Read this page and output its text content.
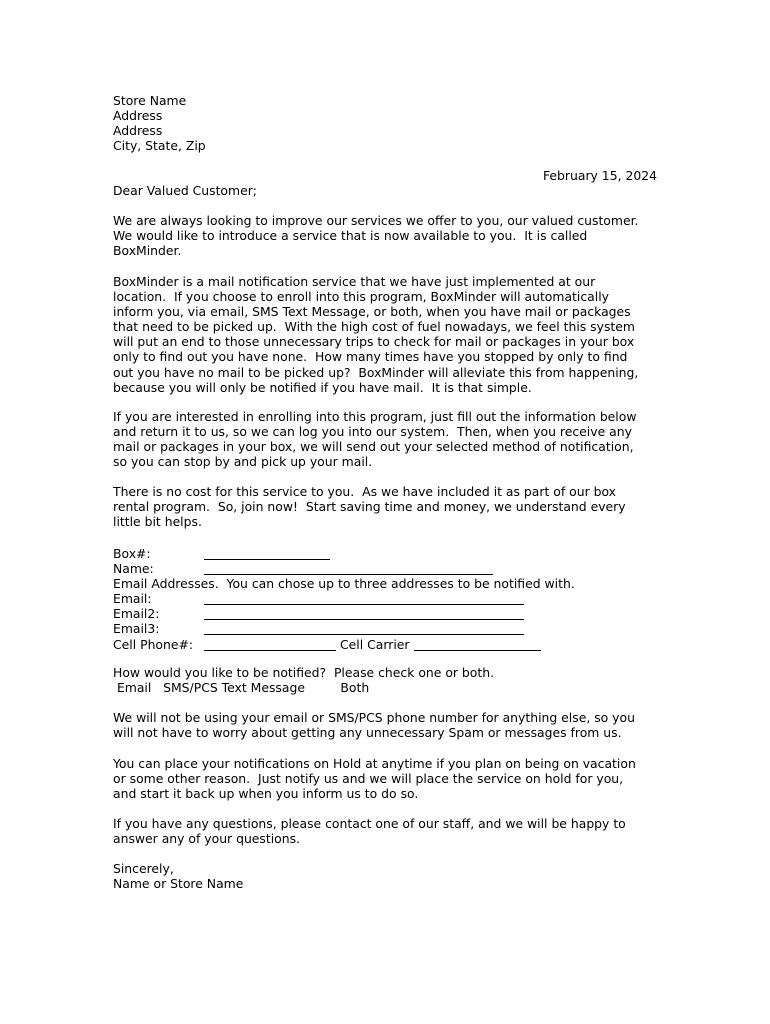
Store Name
Address
Address
City, State, Zip
February 15, 2024
Dear Valued Customer;
We are always looking to improve our services we offer to you, our valued customer.
We would like to introduce a service that is now available to you.  It is called
BoxMinder.
BoxMinder is a mail notification service that we have just implemented at our
location.  If you choose to enroll into this program, BoxMinder will automatically
inform you, via email, SMS Text Message, or both, when you have mail or packages
that need to be picked up.  With the high cost of fuel nowadays, we feel this system
will put an end to those unnecessary trips to check for mail or packages in your box
only to find out you have none.  How many times have you stopped by only to find
out you have no mail to be picked up?  BoxMinder will alleviate this from happening,
because you will only be notified if you have mail.  It is that simple.
If you are interested in enrolling into this program, just fill out the information below
and return it to us, so we can log you into our system.  Then, when you receive any
mail or packages in your box, we will send out your selected method of notification,
so you can stop by and pick up your mail.
There is no cost for this service to you.  As we have included it as part of our box
rental program.  So, join now!  Start saving time and money, we understand every
little bit helps.

Box#:

Name:

Email Addresses.  You can chose up to three addresses to be notified with.

Email:

Email2:

Email3:

Cell Phone#:

	Cell Carrier

How would you like to be notified?  Please check one or both.
Email   SMS/PCS Text Message         Both
We will not be using your email or SMS/PCS phone number for anything else, so you
will not have to worry about getting any unnecessary Spam or messages from us.
You can place your notifications on Hold at anytime if you plan on being on vacation
or some other reason.  Just notify us and we will place the service on hold for you,
and start it back up when you inform us to do so.
If you have any questions, please contact one of our staff, and we will be happy to
answer any of your questions.
Sincerely,
Name or Store Name
